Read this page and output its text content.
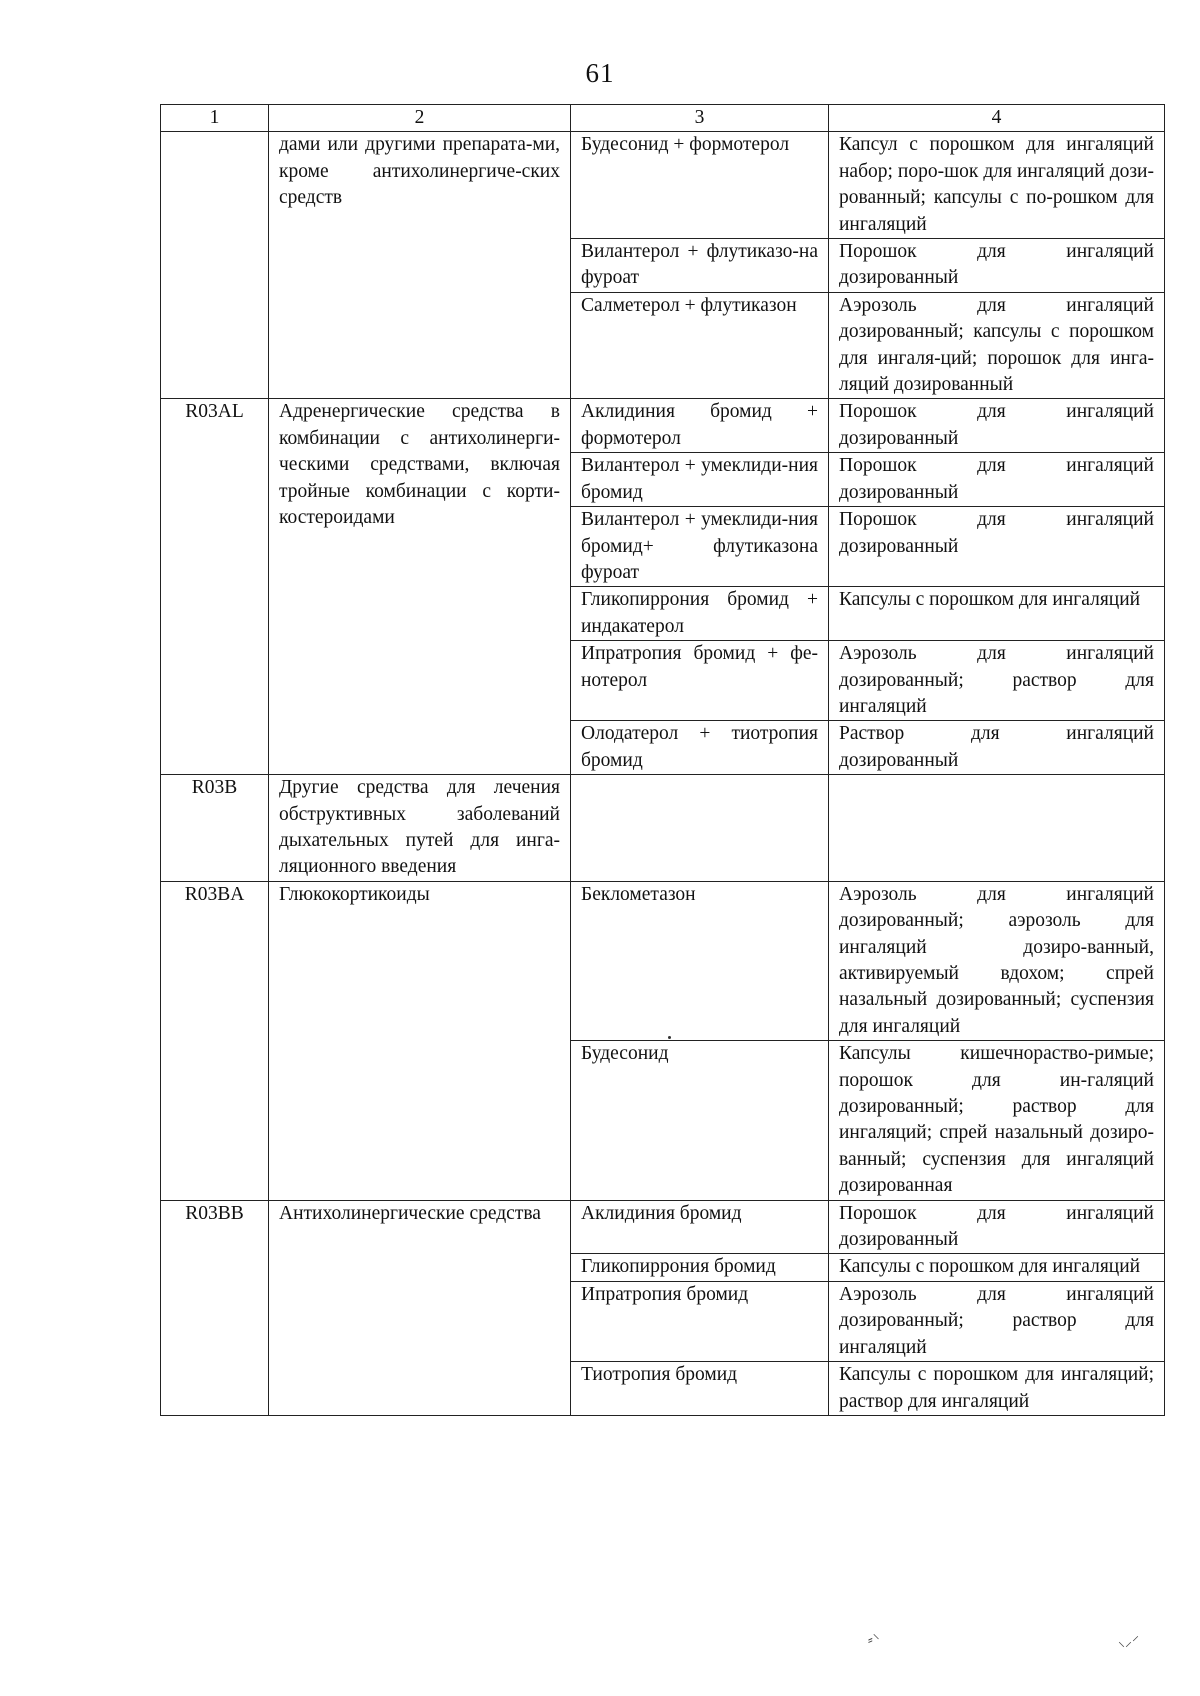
61
1	2	3	4
	дами или другими препарата-ми, кроме антихолинергиче-ских средств	Будесонид + формотерол	Капсул с порошком для ингаляций набор; поро-шок для ингаляций дози-рованный; капсулы с по-рошком для ингаляций
		Вилантерол + флутиказо-на фуроат	Порошок для ингаляций дозированный
		Салметерол + флутиказон	Аэрозоль для ингаляций дозированный; капсулы с порошком для ингаля-ций; порошок для инга-ляций дозированный
R03AL	Адренергические средства в комбинации с антихолинерги-ческими средствами, включая тройные комбинации с корти-костероидами	Аклидиния бромид + формотерол	Порошок для ингаляций дозированный
		Вилантерол + умеклиди-ния бромид	Порошок для ингаляций дозированный
		Вилантерол + умеклиди-ния бромид+ флутиказона фуроат	Порошок для ингаляций дозированный
		Гликопиррония бромид + индакатерол	Капсулы с порошком для ингаляций
		Ипратропия бромид + фе-нотерол	Аэрозоль для ингаляций дозированный; раствор для ингаляций
		Олодатерол + тиотропия бромид	Раствор для ингаляций дозированный
R03B	Другие средства для лечения обструктивных заболеваний дыхательных путей для инга-ляционного введения		
R03BA	Глюкокортикоиды	Беклометазон	Аэрозоль для ингаляций дозированный; аэрозоль для ингаляций дозиро-ванный, активируемый вдохом; спрей назальный дозированный; суспензия для ингаляций
		Будесонид	Капсулы кишечнораство-римые; порошок для ин-галяций дозированный; раствор для ингаляций; спрей назальный дозиро-ванный; суспензия для ингаляций дозированная
R03BB	Антихолинергические средства	Аклидиния бромид	Порошок для ингаляций дозированный
		Гликопиррония бромид	Капсулы с порошком для ингаляций
		Ипратропия бромид	Аэрозоль для ингаляций дозированный; раствор для ингаляций
		Тиотропия бромид	Капсулы с порошком для ингаляций; раствор для ингаляций
⸗⸌	⸜⸝⸍
